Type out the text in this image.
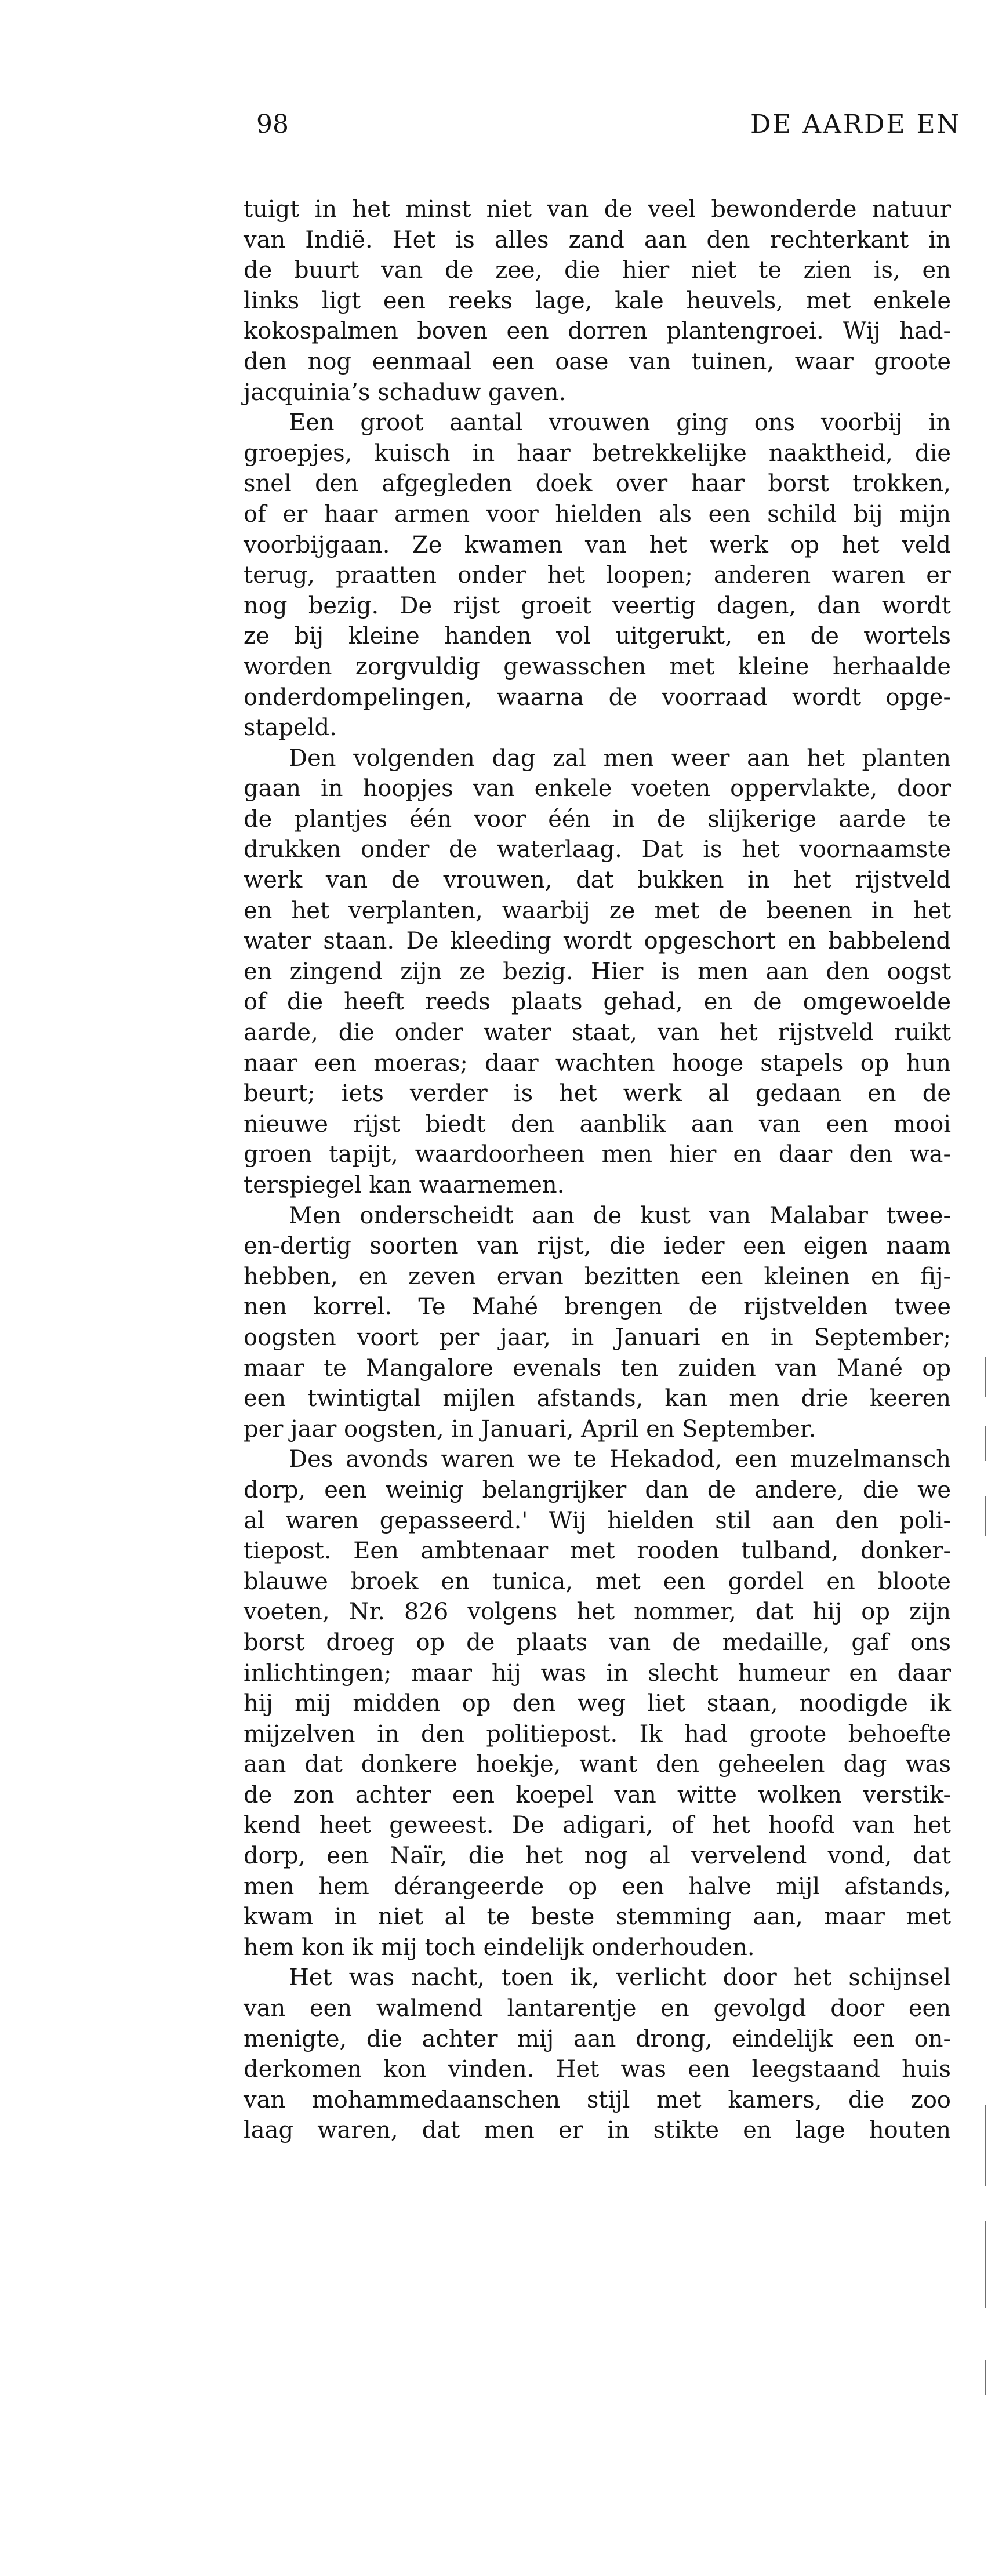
98	DE AARDE EN
tuigt in het minst niet van de veel bewonderde natuur
van Indië. Het is alles zand aan den rechterkant in
de buurt van de zee, die hier niet te zien is, en
links ligt een reeks lage, kale heuvels, met enkele
kokospalmen boven een dorren plantengroei. Wij had-
den nog eenmaal een oase van tuinen, waar groote
jacquinia’s schaduw gaven.
Een groot aantal vrouwen ging ons voorbij in
groepjes, kuisch in haar betrekkelijke naaktheid, die
snel den afgegleden doek over haar borst trokken,
of er haar armen voor hielden als een schild bij mijn
voorbijgaan. Ze kwamen van het werk op het veld
terug, praatten onder het loopen; anderen waren er
nog bezig. De rijst groeit veertig dagen, dan wordt
ze bij kleine handen vol uitgerukt, en de wortels
worden zorgvuldig gewasschen met kleine herhaalde
onderdompelingen, waarna de voorraad wordt opge-
stapeld.
Den volgenden dag zal men weer aan het planten
gaan in hoopjes van enkele voeten oppervlakte, door
de plantjes één voor één in de slijkerige aarde te
drukken onder de waterlaag. Dat is het voornaamste
werk van de vrouwen, dat bukken in het rijstveld
en het verplanten, waarbij ze met de beenen in het
water staan. De kleeding wordt opgeschort en babbelend
en zingend zijn ze bezig. Hier is men aan den oogst
of die heeft reeds plaats gehad, en de omgewoelde
aarde, die onder water staat, van het rijstveld ruikt
naar een moeras; daar wachten hooge stapels op hun
beurt; iets verder is het werk al gedaan en de
nieuwe rijst biedt den aanblik aan van een mooi
groen tapijt, waardoorheen men hier en daar den wa-
terspiegel kan waarnemen.
Men onderscheidt aan de kust van Malabar twee-
en-dertig soorten van rijst, die ieder een eigen naam
hebben, en zeven ervan bezitten een kleinen en fij-
nen korrel. Te Mahé brengen de rijstvelden twee
oogsten voort per jaar, in Januari en in September;
maar te Mangalore evenals ten zuiden van Mané op
een twintigtal mijlen afstands, kan men drie keeren
per jaar oogsten, in Januari, April en September.
Des avonds waren we te Hekadod, een muzelmansch
dorp, een weinig belangrijker dan de andere, die we
al waren gepasseerd.' Wij hielden stil aan den poli-
tiepost. Een ambtenaar met rooden tulband, donker-
blauwe broek en tunica, met een gordel en bloote
voeten, Nr. 826 volgens het nommer, dat hij op zijn
borst droeg op de plaats van de medaille, gaf ons
inlichtingen; maar hij was in slecht humeur en daar
hij mij midden op den weg liet staan, noodigde ik
mijzelven in den politiepost. Ik had groote behoefte
aan dat donkere hoekje, want den geheelen dag was
de zon achter een koepel van witte wolken verstik-
kend heet geweest. De adigari, of het hoofd van het
dorp, een Naïr, die het nog al vervelend vond, dat
men hem dérangeerde op een halve mijl afstands,
kwam in niet al te beste stemming aan, maar met
hem kon ik mij toch eindelijk onderhouden.
Het was nacht, toen ik, verlicht door het schijnsel
van een walmend lantarentje en gevolgd door een
menigte, die achter mij aan drong, eindelijk een on-
derkomen kon vinden. Het was een leegstaand huis
van mohammedaanschen stijl met kamers, die zoo
laag waren, dat men er in stikte en lage houten
